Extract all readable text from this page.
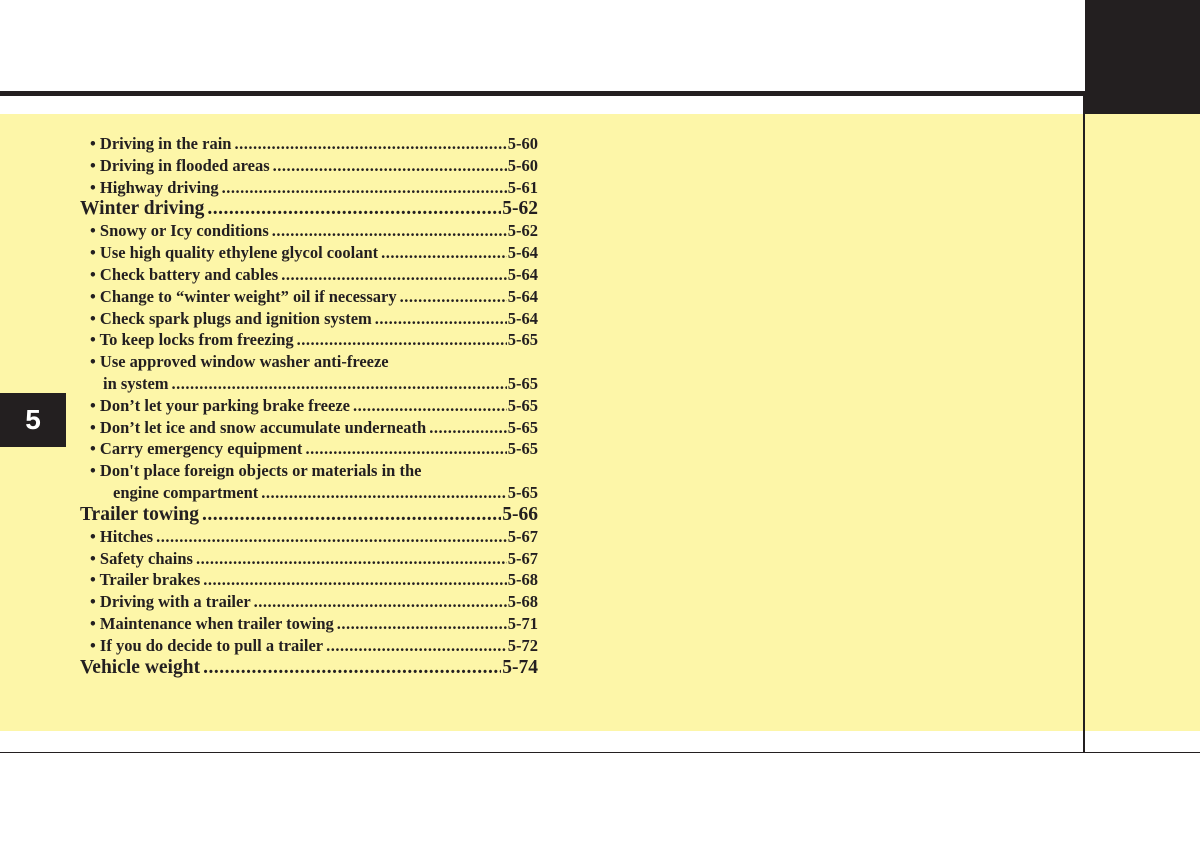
5
• Driving in the rain .....	5-60
• Driving in flooded areas .....	5-60
• Highway driving .....	5-61
Winter driving .....	5-62
• Snowy or Icy conditions .....	5-62
• Use high quality ethylene glycol coolant .....	5-64
• Check battery and cables .....	5-64
• Change to “winter weight” oil if necessary .....	5-64
• Check spark plugs and ignition system .....	5-64
• To keep locks from freezing .....	5-65
• Use approved window washer anti-freeze
in system .....	5-65
• Don’t let your parking brake freeze .....	5-65
• Don’t let ice and snow accumulate underneath .....	5-65
• Carry emergency equipment .....	5-65
• Don't place foreign objects or materials in the
engine compartment .....	5-65
Trailer towing .....	5-66
• Hitches .....	5-67
• Safety chains .....	5-67
• Trailer brakes .....	5-68
• Driving with a trailer .....	5-68
• Maintenance when trailer towing .....	5-71
• If you do decide to pull a trailer .....	5-72
Vehicle weight .....	5-74
